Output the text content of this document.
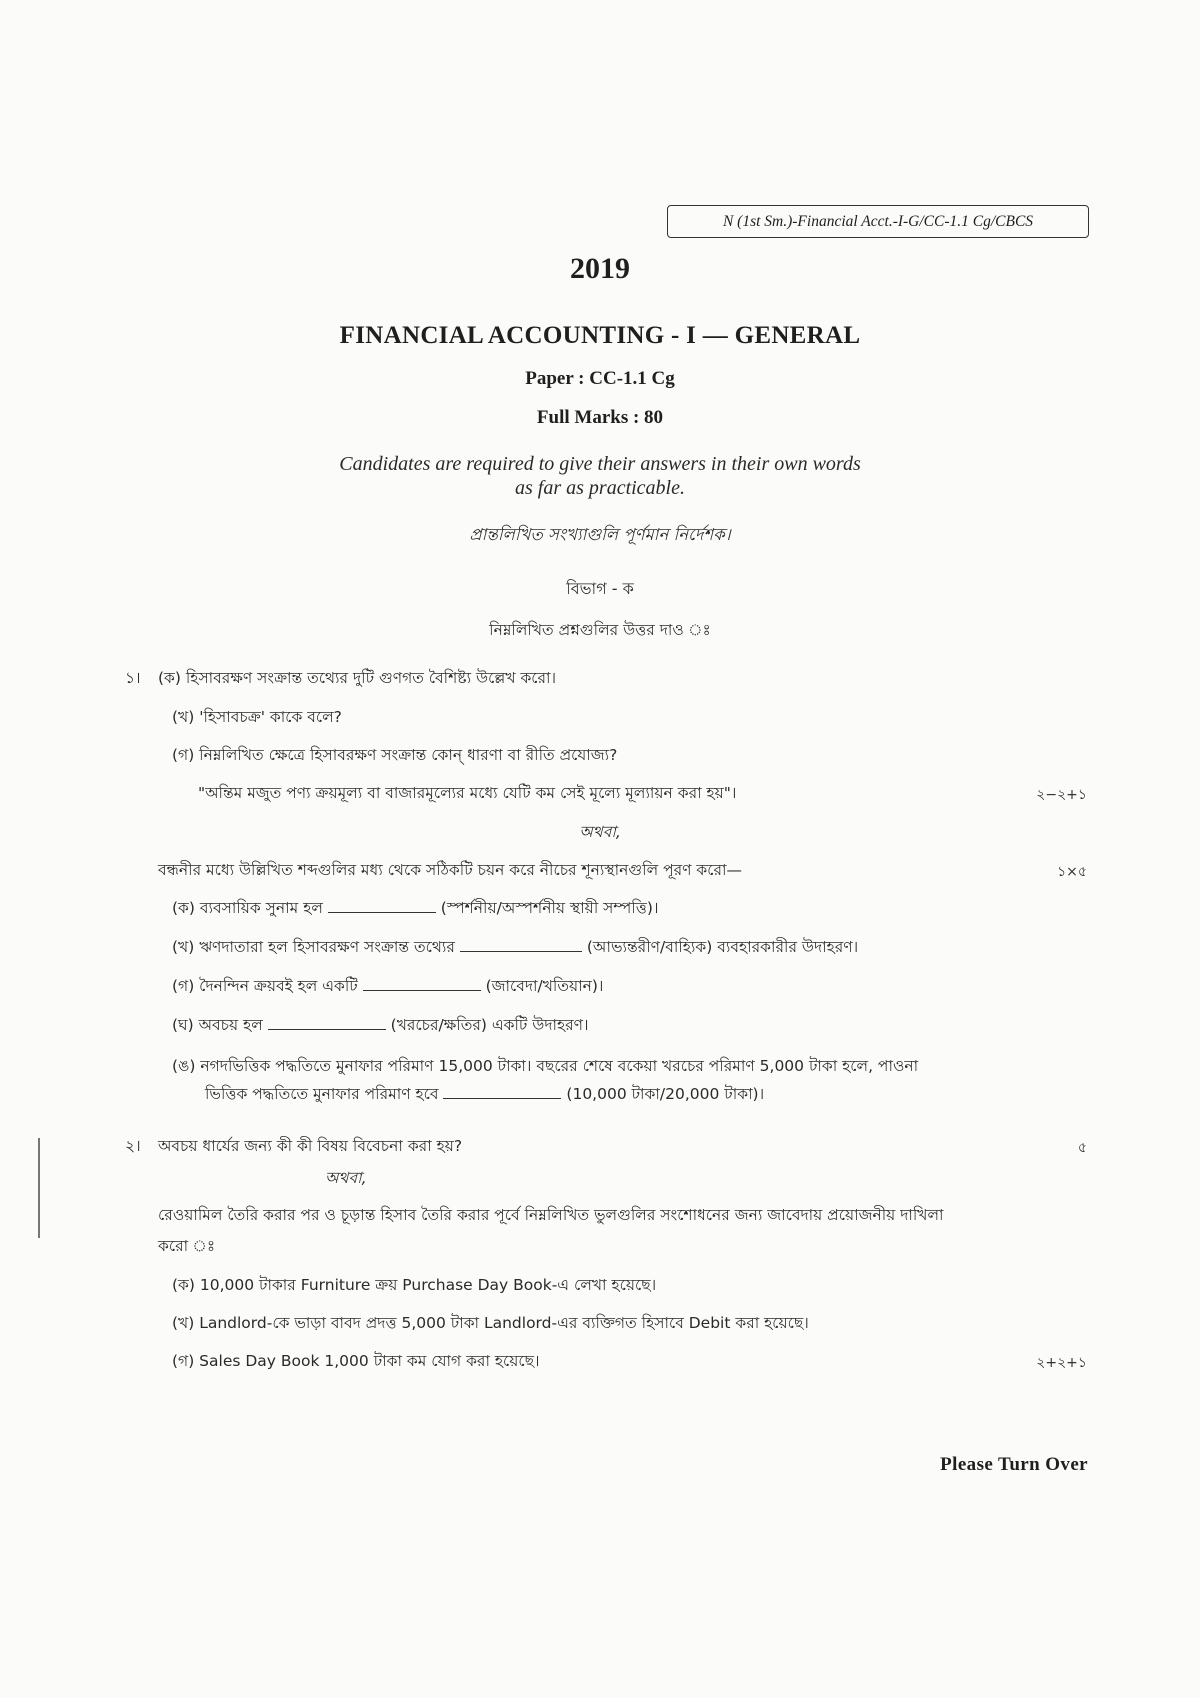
N (1st Sm.)-Financial Acct.-I-G/CC-1.1 Cg/CBCS
2019
FINANCIAL ACCOUNTING - I — GENERAL
Paper : CC-1.1 Cg
Full Marks : 80
Candidates are required to give their answers in their own words
as far as practicable.
প্রান্তলিখিত সংখ্যাগুলি পূর্ণমান নির্দেশক।
বিভাগ - ক
নিম্নলিখিত প্রশ্নগুলির উত্তর দাও ঃ
১। (ক) হিসাবরক্ষণ সংক্রান্ত তথ্যের দুটি গুণগত বৈশিষ্ট্য উল্লেখ করো।
(খ) 'হিসাবচক্র' কাকে বলে?
(গ) নিম্নলিখিত ক্ষেত্রে হিসাবরক্ষণ সংক্রান্ত কোন্ ধারণা বা রীতি প্রযোজ্য?
"অন্তিম মজুত পণ্য ক্রয়মূল্য বা বাজারমূল্যের মধ্যে যেটি কম সেই মূল্যে মূল্যায়ন করা হয়"।	২−২+১
অথবা,
বন্ধনীর মধ্যে উল্লিখিত শব্দগুলির মধ্য থেকে সঠিকটি চয়ন করে নীচের শূন্যস্থানগুলি পূরণ করো—	১×৫
(ক) ব্যবসায়িক সুনাম হল	(স্পর্শনীয়/অস্পর্শনীয় স্থায়ী সম্পত্তি)।
(খ) ঋণদাতারা হল হিসাবরক্ষণ সংক্রান্ত তথ্যের	(আভ্যন্তরীণ/বাহ্যিক) ব্যবহারকারীর উদাহরণ।
(গ) দৈনন্দিন ক্রয়বই হল একটি	(জাবেদা/খতিয়ান)।
(ঘ) অবচয় হল	(খরচের/ক্ষতির) একটি উদাহরণ।
(ঙ) নগদভিত্তিক পদ্ধতিতে মুনাফার পরিমাণ 15,000 টাকা। বছরের শেষে বকেয়া খরচের পরিমাণ 5,000 টাকা হলে, পাওনা
ভিত্তিক পদ্ধতিতে মুনাফার পরিমাণ হবে	(10,000 টাকা/20,000 টাকা)।
২। অবচয় ধার্যের জন্য কী কী বিষয় বিবেচনা করা হয়?	৫
অথবা,
রেওয়ামিল তৈরি করার পর ও চূড়ান্ত হিসাব তৈরি করার পূর্বে নিম্নলিখিত ভুলগুলির সংশোধনের জন্য জাবেদায় প্রয়োজনীয় দাখিলা
করো ঃ
(ক) 10,000 টাকার Furniture ক্রয় Purchase Day Book-এ লেখা হয়েছে।
(খ) Landlord-কে ভাড়া বাবদ প্রদত্ত 5,000 টাকা Landlord-এর ব্যক্তিগত হিসাবে Debit করা হয়েছে।
(গ) Sales Day Book 1,000 টাকা কম যোগ করা হয়েছে।	২+২+১
Please Turn Over
